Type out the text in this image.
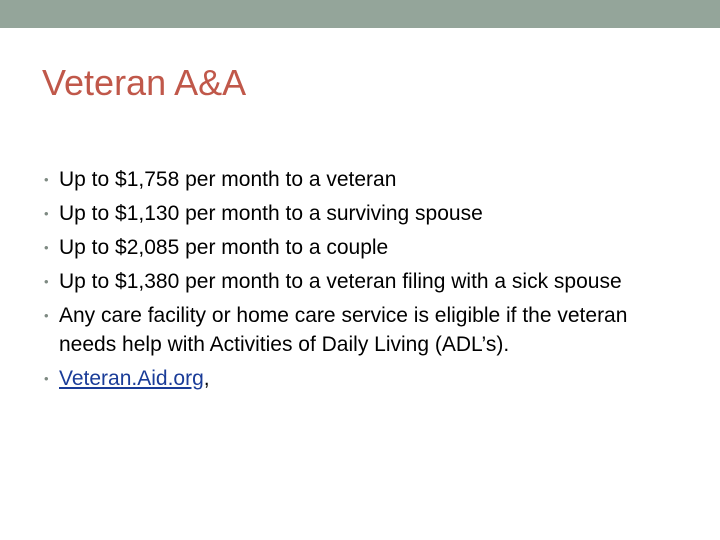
Veteran A&A
• Up to $1,758 per month to a veteran
• Up to $1,130 per month to a surviving spouse
• Up to $2,085 per month to a couple
• Up to $1,380 per month to a veteran filing with a sick spouse
• Any care facility or home care service is eligible if the veteran needs help with Activities of Daily Living (ADL’s).
• Veteran.Aid.org,
